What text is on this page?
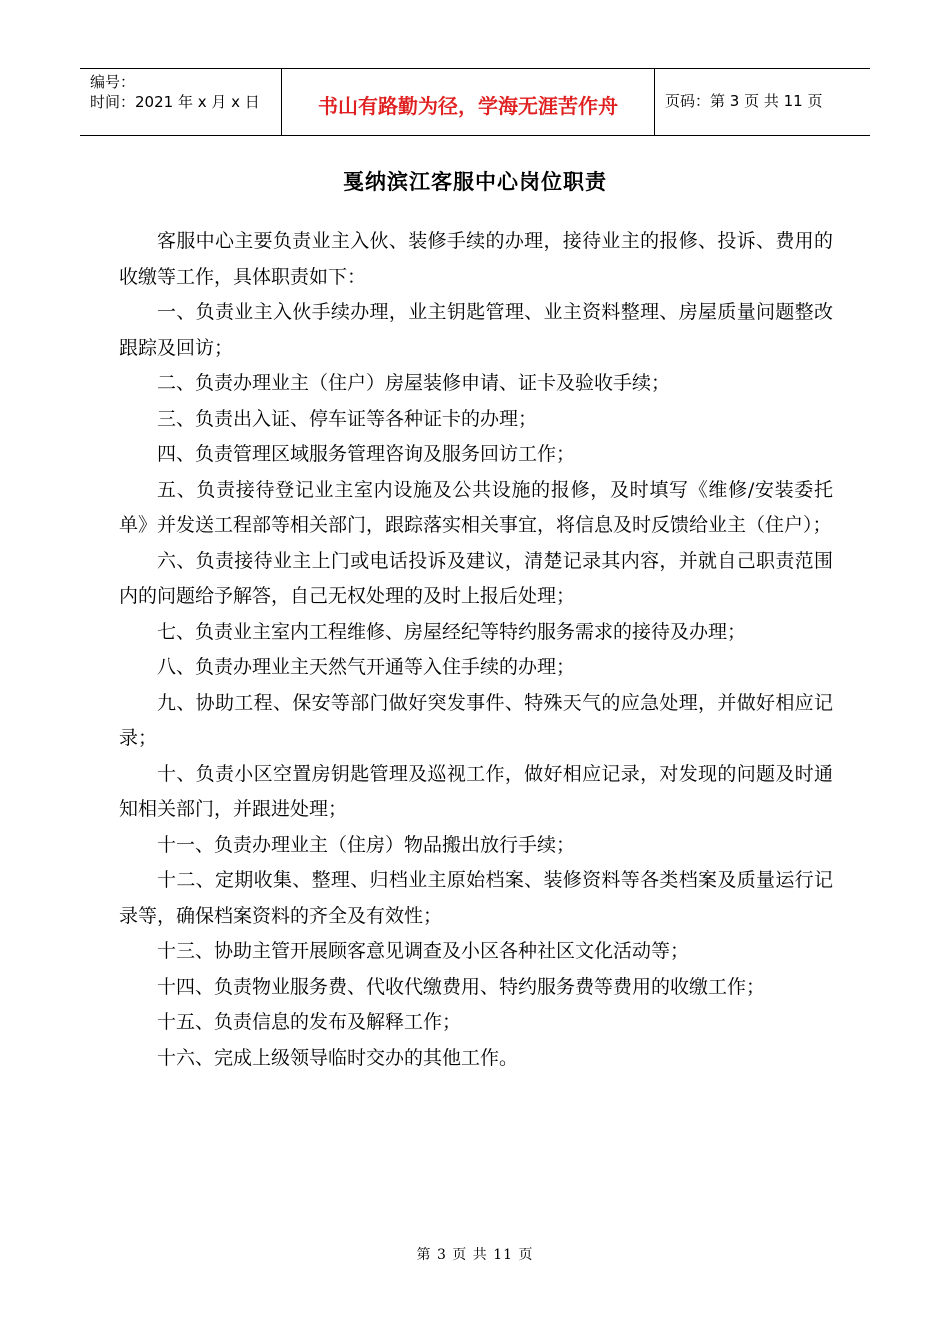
编号：
时间：2021 年 x 月 x 日	书山有路勤为径，学海无涯苦作舟	页码：第 3 页 共 11 页
戛纳滨江客服中心岗位职责

客服中心主要负责业主入伙、装修手续的办理，接待业主的报修、投诉、费用的收缴等工作，具体职责如下：

一、负责业主入伙手续办理，业主钥匙管理、业主资料整理、房屋质量问题整改跟踪及回访；

二、负责办理业主（住户）房屋装修申请、证卡及验收手续；

三、负责出入证、停车证等各种证卡的办理；

四、负责管理区域服务管理咨询及服务回访工作；

五、负责接待登记业主室内设施及公共设施的报修，及时填写《维修/安装委托单》并发送工程部等相关部门，跟踪落实相关事宜，将信息及时反馈给业主（住户）；

六、负责接待业主上门或电话投诉及建议，清楚记录其内容，并就自己职责范围内的问题给予解答，自己无权处理的及时上报后处理；

七、负责业主室内工程维修、房屋经纪等特约服务需求的接待及办理；

八、负责办理业主天然气开通等入住手续的办理；

九、协助工程、保安等部门做好突发事件、特殊天气的应急处理，并做好相应记录；

十、负责小区空置房钥匙管理及巡视工作，做好相应记录，对发现的问题及时通知相关部门，并跟进处理；

十一、负责办理业主（住房）物品搬出放行手续；

十二、定期收集、整理、归档业主原始档案、装修资料等各类档案及质量运行记录等，确保档案资料的齐全及有效性；

十三、协助主管开展顾客意见调查及小区各种社区文化活动等；

十四、负责物业服务费、代收代缴费用、特约服务费等费用的收缴工作；

十五、负责信息的发布及解释工作；

十六、完成上级领导临时交办的其他工作。

第 3 页 共 11 页
